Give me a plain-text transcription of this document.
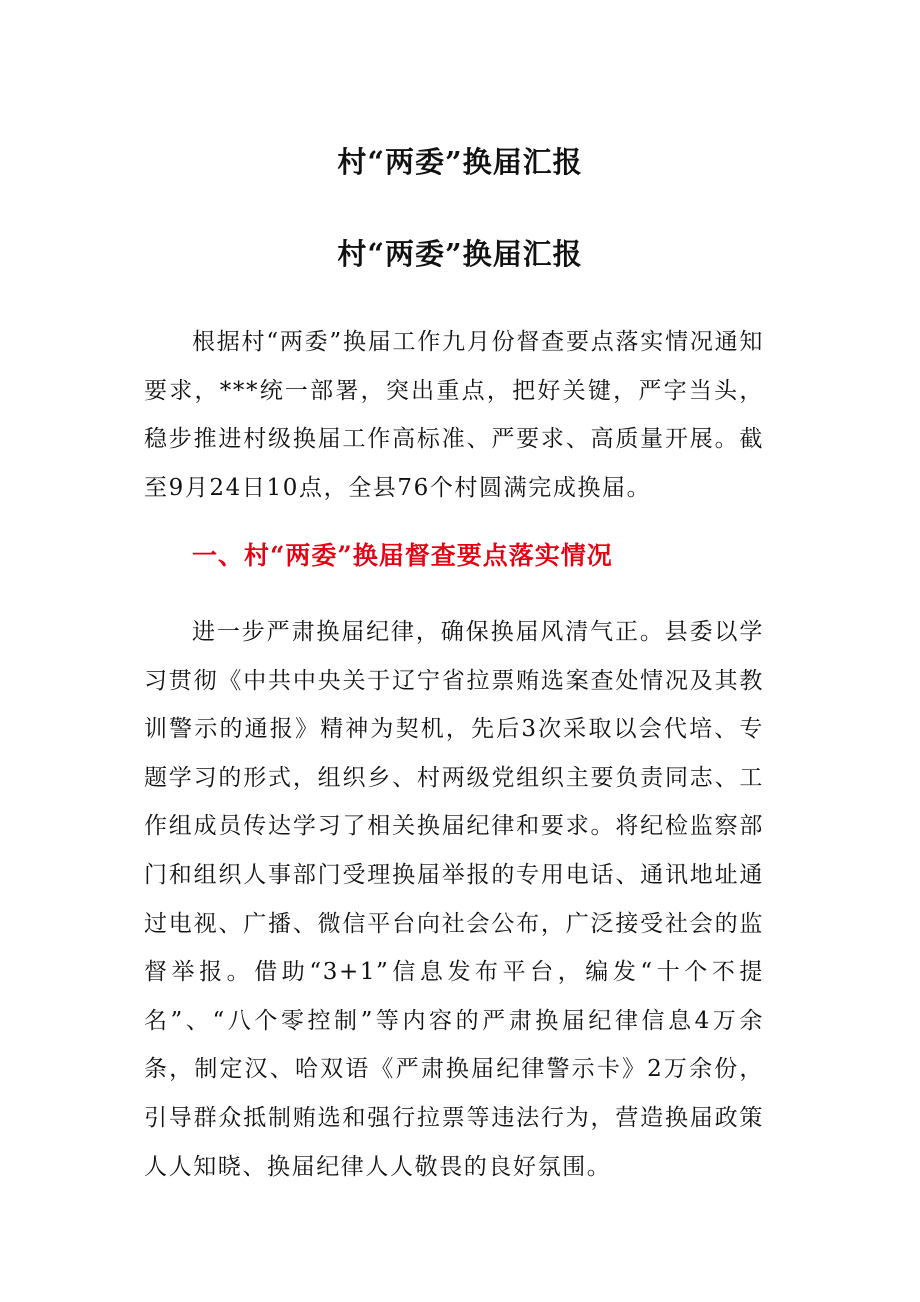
村“两委”换届汇报
村“两委”换届汇报

根据村“两委”换届工作九月份督查要点落实情况通知要求，***统一部署，突出重点，把好关键，严字当头，稳步推进村级换届工作高标准、严要求、高质量开展。截至9月24日10点，全县76个村圆满完成换届。

一、村“两委”换届督查要点落实情况

进一步严肃换届纪律，确保换届风清气正。县委以学习贯彻《中共中央关于辽宁省拉票贿选案查处情况及其教训警示的通报》精神为契机，先后3次采取以会代培、专题学习的形式，组织乡、村两级党组织主要负责同志、工作组成员传达学习了相关换届纪律和要求。将纪检监察部门和组织人事部门受理换届举报的专用电话、通讯地址通过电视、广播、微信平台向社会公布，广泛接受社会的监督举报。借助“3+1”信息发布平台，编发“十个不提名”、“八个零控制”等内容的严肃换届纪律信息4万余条，制定汉、哈双语《严肃换届纪律警示卡》2万余份，引导群众抵制贿选和强行拉票等违法行为，营造换届政策人人知晓、换届纪律人人敬畏的良好氛围。
